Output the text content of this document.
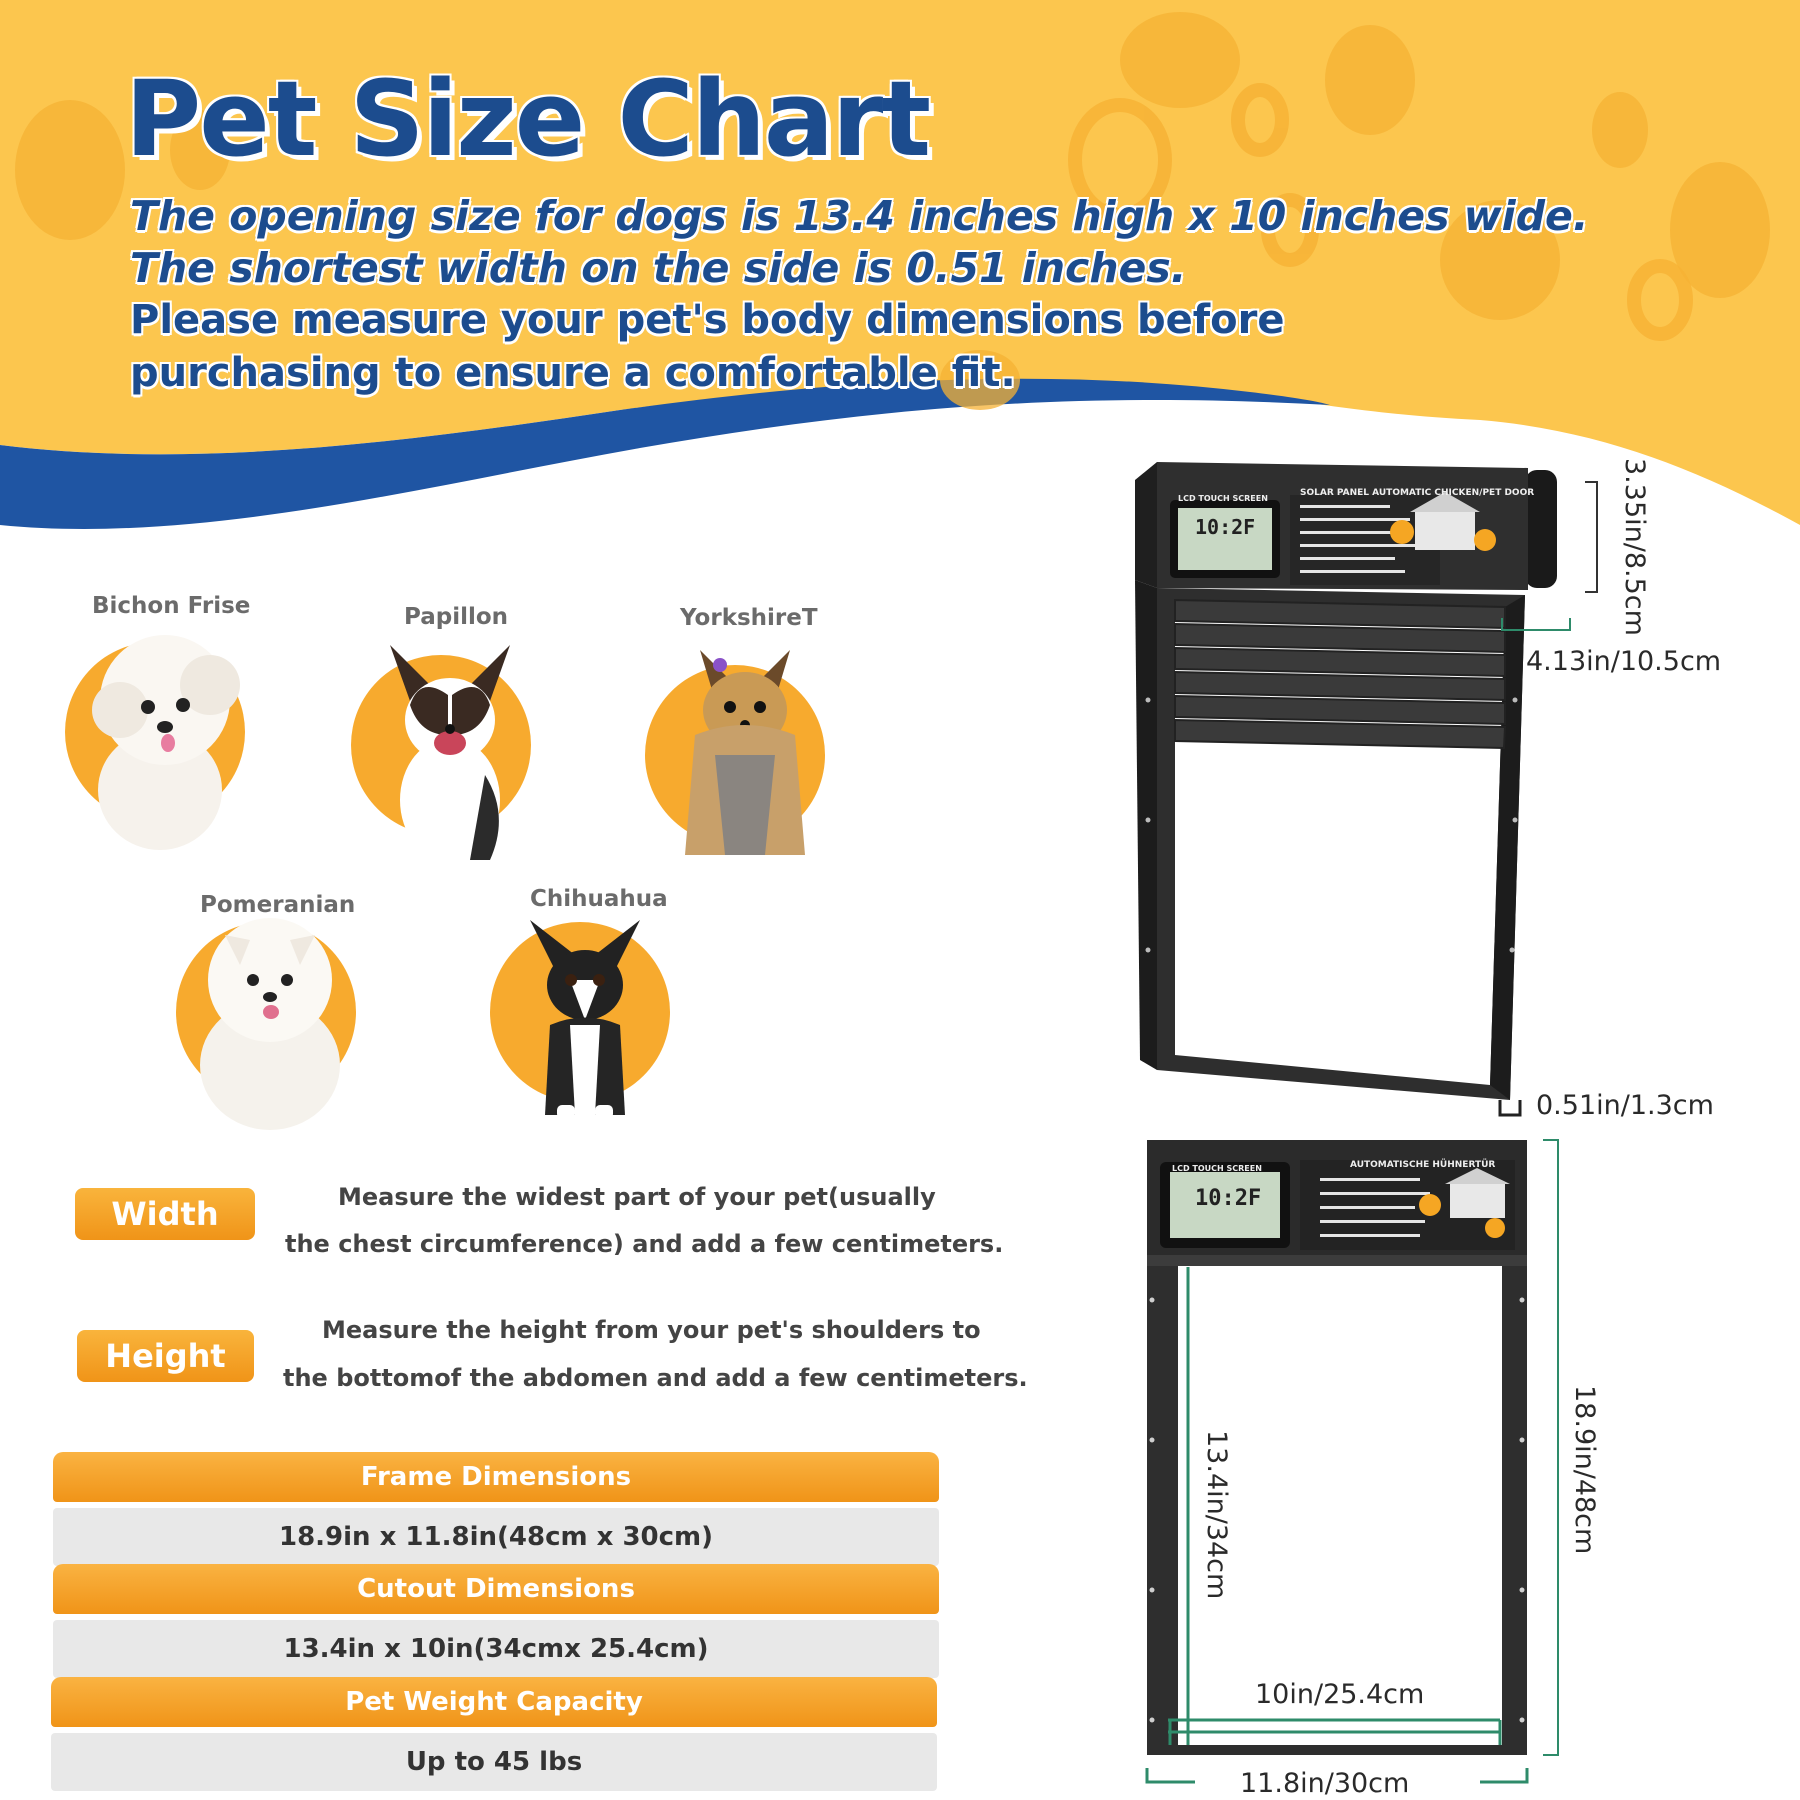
Pet Size Chart
The opening size for dogs is 13.4 inches high x 10 inches wide.
The shortest width on the side is 0.51 inches.
Please measure your pet's body dimensions before
purchasing to ensure a comfortable fit.
Bichon Frise	Papillon	YorkshireT
Pomeranian	Chihuahua
Width	Measure the widest part of your pet(usually
the chest circumference) and add a few centimeters.
Height
Measure the height from your pet's shoulders to
the bottomof the abdomen and add a few centimeters.
Frame Dimensions
18.9in x 11.8in(48cm x 30cm)
Cutout Dimensions
13.4in x 10in(34cmx 25.4cm)
Pet Weight Capacity
Up to 45 lbs
3.35in/8.5cm
4.13in/10.5cm
0.51in/1.3cm
13.4in/34cm	18.9in/48cm
10in/25.4cm
11.8in/30cm
SOLAR PANEL AUTOMATIC CHICKEN/PET DOOR
LCD TOUCH SCREEN
10:2F
AUTOMATISCHE HÜHNERTÜR
LCD TOUCH SCREEN
10:2F
